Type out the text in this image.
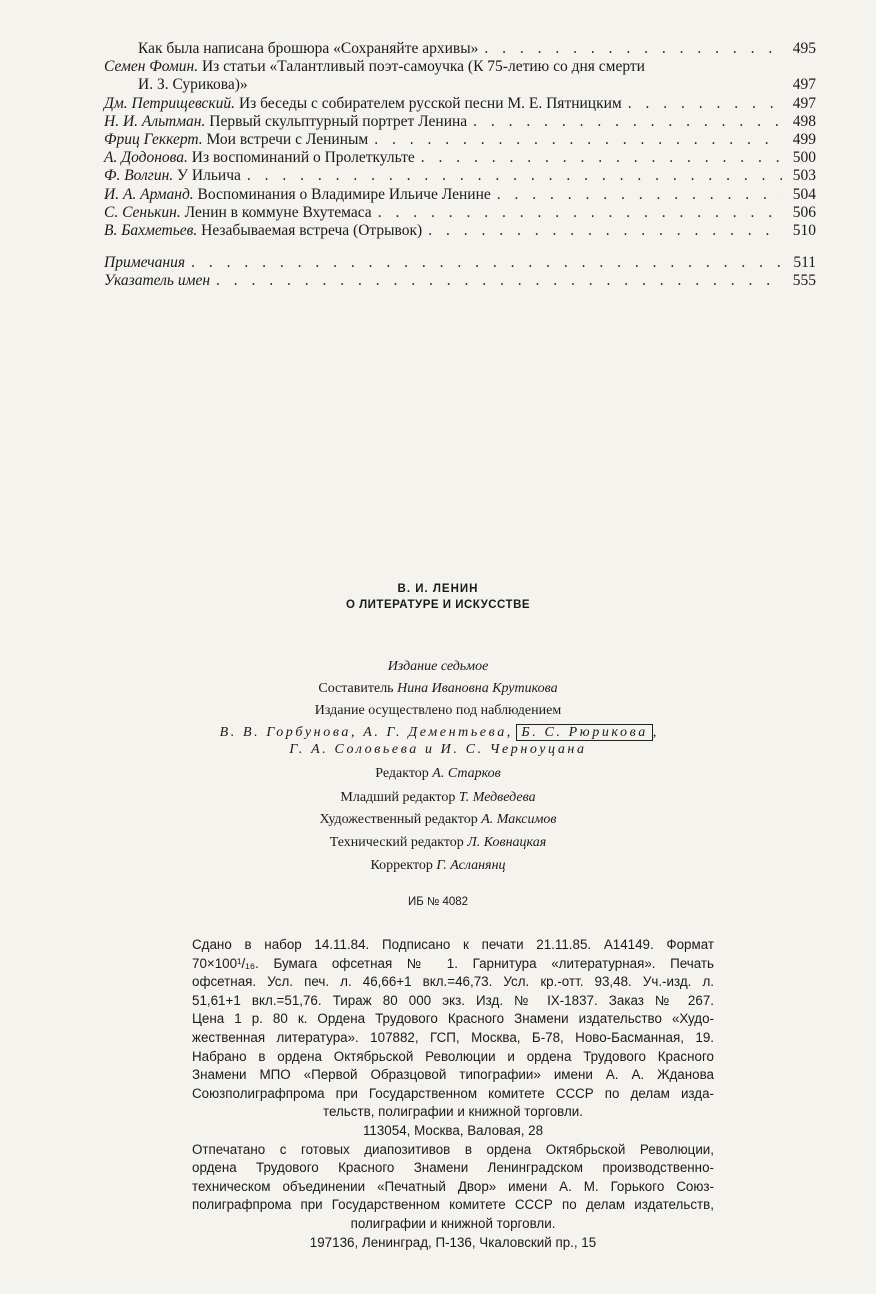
Как была написана брошюра «Сохраняйте архивы» . . .	495
Семен Фомин. Из статьи «Талантливый поэт-самоучка (К 75-летию со дня смерти
И. З. Сурикова)»	497
Дм. Петрищевский. Из беседы с собирателем русской песни М. Е. Пятницким . . .	497
Н. И. Альтман. Первый скульптурный портрет Ленина . . .	498
Фриц Геккерт. Мои встречи с Лениным . . .	499
А. Додонова. Из воспоминаний о Пролеткульте . . .	500
Ф. Волгин. У Ильича . . .	503
И. А. Арманд. Воспоминания о Владимире Ильиче Ленине . . .	504
С. Сенькин. Ленин в коммуне Вхутемаса . . .	506
В. Бахметьев. Незабываемая встреча (Отрывок) . . .	510
Примечания . . .	511
Указатель имен . . .	555
В. И. ЛЕНИН
О ЛИТЕРАТУРЕ И ИСКУССТВЕ
Издание седьмое
Составитель Нина Ивановна Крутикова
Издание осуществлено под наблюдением
В. В. Горбунова, А. Г. Дементьева, Б. С. Рюрикова ,
Г. А. Соловьева и И. С. Черноуцана
Редактор А. Старков
Младший редактор Т. Медведева
Художественный редактор А. Максимов
Технический редактор Л. Ковнацкая
Корректор Г. Асланянц
ИБ № 4082
Сдано в набор 14.11.84. Подписано к печати 21.11.85. А14149. Формат
70×100¹/₁₆. Бумага офсетная № 1. Гарнитура «литературная». Печать
офсетная. Усл. печ. л. 46,66+1 вкл.=46,73. Усл. кр.-отт. 93,48. Уч.-изд. л.
51,61+1 вкл.=51,76. Тираж 80 000 экз. Изд. № IX-1837. Заказ № 267.
Цена 1 р. 80 к. Ордена Трудового Красного Знамени издательство «Худо-
жественная литература». 107882, ГСП, Москва, Б-78, Ново-Басманная, 19.
Набрано в ордена Октябрьской Революции и ордена Трудового Красного
Знамени МПО «Первой Образцовой типографии» имени А. А. Жданова
Союзполиграфпрома при Государственном комитете СССР по делам изда-
тельств, полиграфии и книжной торговли.
113054, Москва, Валовая, 28
Отпечатано с готовых диапозитивов в ордена Октябрьской Революции,
ордена Трудового Красного Знамени Ленинградском производственно-
техническом объединении «Печатный Двор» имени А. М. Горького Союз-
полиграфпрома при Государственном комитете СССР по делам издательств,
полиграфии и книжной торговли.
197136, Ленинград, П-136, Чкаловский пр., 15
